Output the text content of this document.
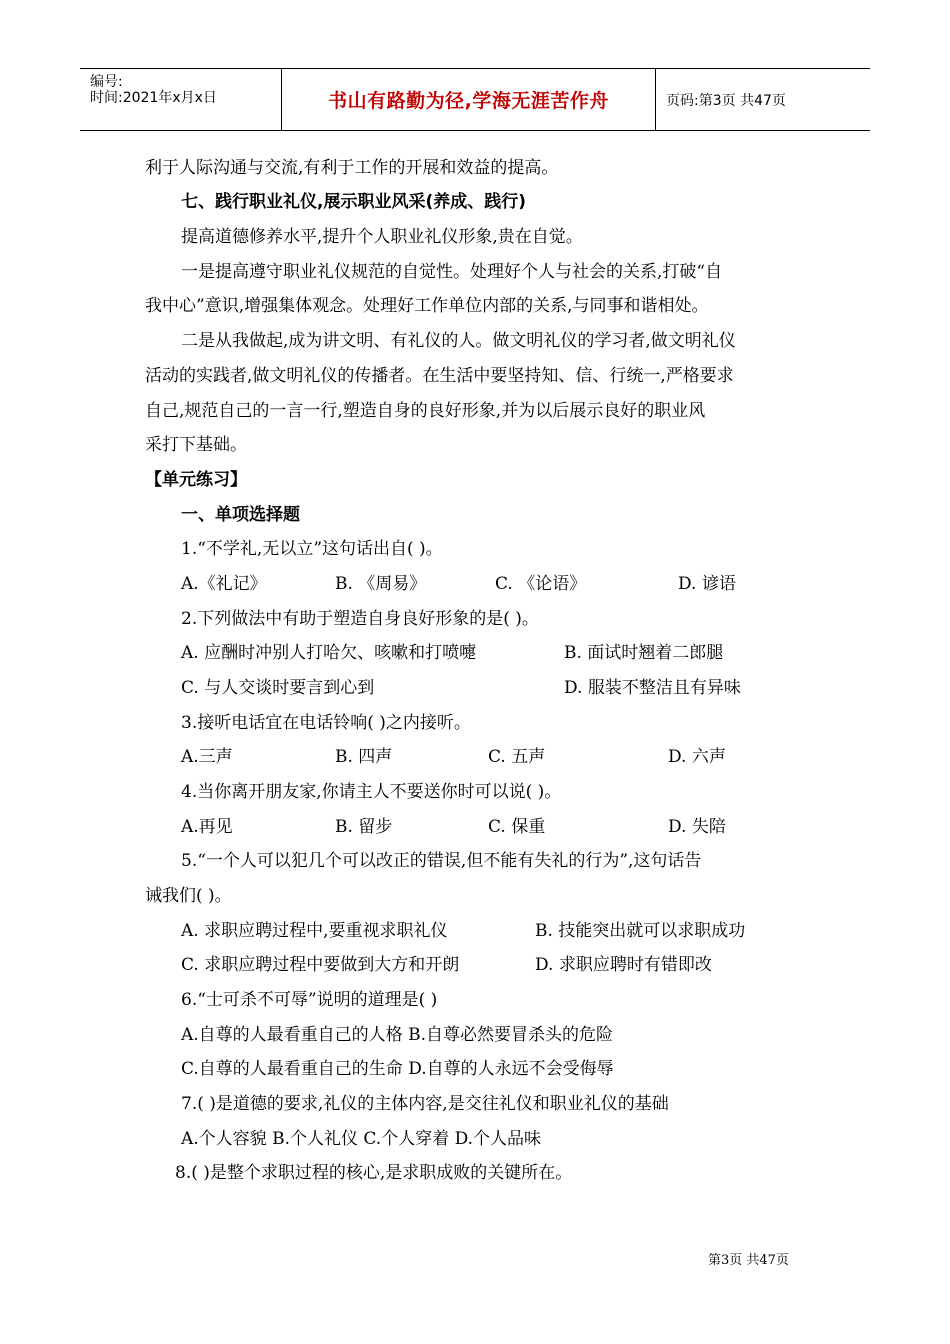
编号:
时间:2021年x月x日	书山有路勤为径,学海无涯苦作舟	页码:第3页 共47页
利于人际沟通与交流,有利于工作的开展和效益的提高。
七、践行职业礼仪,展示职业风采(养成、践行)
提高道德修养水平,提升个人职业礼仪形象,贵在自觉。
一是提高遵守职业礼仪规范的自觉性。处理好个人与社会的关系,打破“自
我中心”意识,增强集体观念。处理好工作单位内部的关系,与同事和谐相处。
二是从我做起,成为讲文明、有礼仪的人。做文明礼仪的学习者,做文明礼仪
活动的实践者,做文明礼仪的传播者。在生活中要坚持知、信、行统一,严格要求
自己,规范自己的一言一行,塑造自身的良好形象,并为以后展示良好的职业风
采打下基础。
【单元练习】
一、单项选择题
1.“不学礼,无以立”这句话出自( )。
A.《礼记》	B. 《周易》	C. 《论语》	D. 谚语
2.下列做法中有助于塑造自身良好形象的是( )。
A. 应酬时冲别人打哈欠、咳嗽和打喷嚏	B. 面试时翘着二郎腿
C. 与人交谈时要言到心到	D. 服装不整洁且有异味
3.接听电话宜在电话铃响( )之内接听。
A.三声	B. 四声	C. 五声	D. 六声
4.当你离开朋友家,你请主人不要送你时可以说( )。
A.再见	B. 留步	C. 保重	D. 失陪
5.“一个人可以犯几个可以改正的错误,但不能有失礼的行为”,这句话告
诫我们( )。
A. 求职应聘过程中,要重视求职礼仪	B. 技能突出就可以求职成功
C. 求职应聘过程中要做到大方和开朗	D. 求职应聘时有错即改
6.“士可杀不可辱”说明的道理是( )
A.自尊的人最看重自己的人格 B.自尊必然要冒杀头的危险
C.自尊的人最看重自己的生命 D.自尊的人永远不会受侮辱
7.( )是道德的要求,礼仪的主体内容,是交往礼仪和职业礼仪的基础
A.个人容貌 B.个人礼仪 C.个人穿着 D.个人品味
8.( )是整个求职过程的核心,是求职成败的关键所在。
第3页 共47页
